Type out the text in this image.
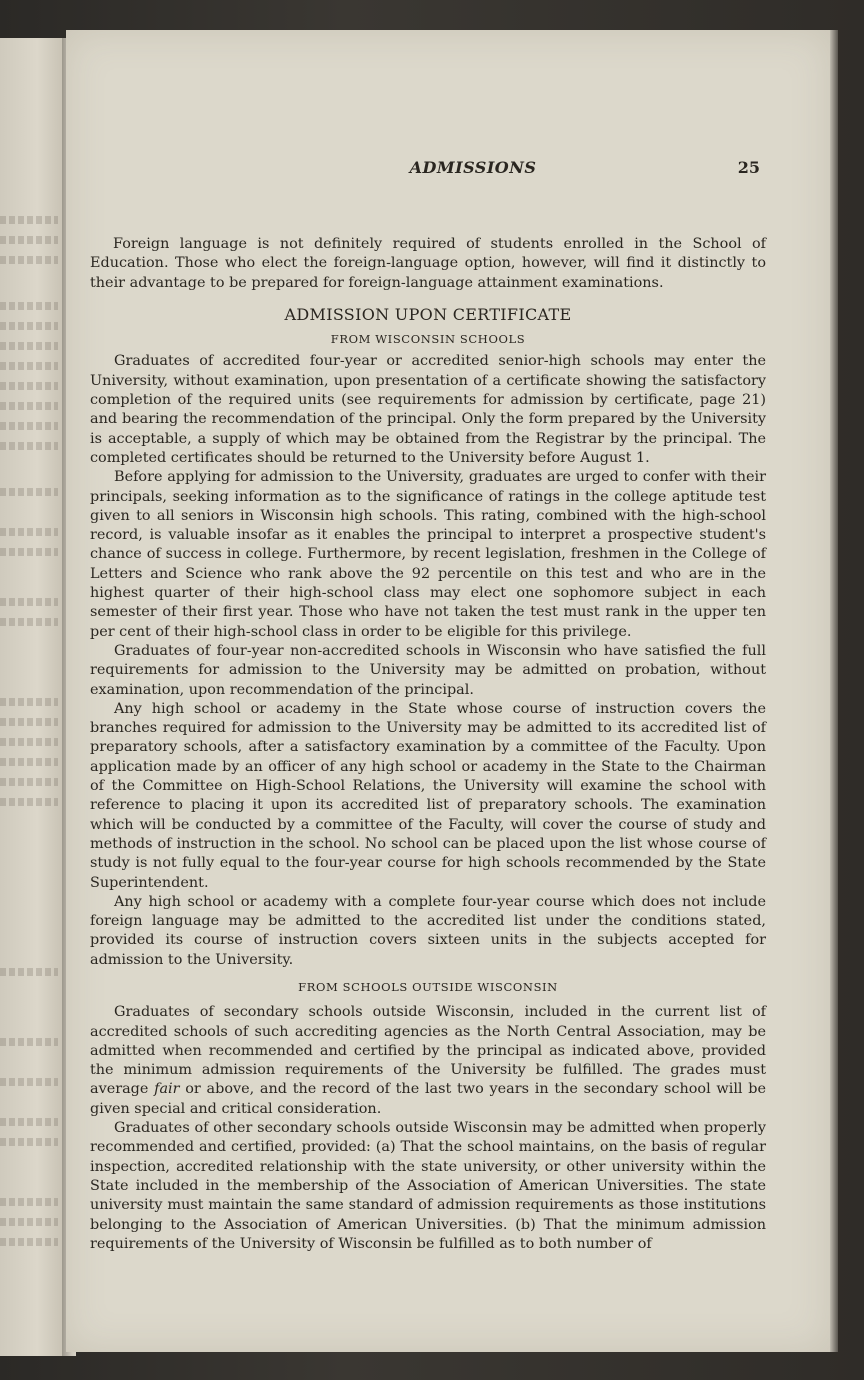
ADMISSIONS	25

Foreign language is not definitely required of students enrolled in the School of Education. Those who elect the foreign-language option, however, will find it distinctly to their advantage to be prepared for foreign-language attainment examinations.

ADMISSION UPON CERTIFICATE
FROM WISCONSIN SCHOOLS

Graduates of accredited four-year or accredited senior-high schools may enter the University, without examination, upon presentation of a certificate showing the satisfactory completion of the required units (see requirements for admission by certificate, page 21) and bearing the recommendation of the principal. Only the form prepared by the University is acceptable, a supply of which may be obtained from the Registrar by the principal. The completed certificates should be returned to the University before August 1.

Before applying for admission to the University, graduates are urged to confer with their principals, seeking information as to the significance of ratings in the college aptitude test given to all seniors in Wisconsin high schools. This rating, combined with the high-school record, is valuable insofar as it enables the principal to interpret a prospective student's chance of success in college. Furthermore, by recent legislation, freshmen in the College of Letters and Science who rank above the 92 percentile on this test and who are in the highest quarter of their high-school class may elect one sophomore subject in each semester of their first year. Those who have not taken the test must rank in the upper ten per cent of their high-school class in order to be eligible for this privilege.

Graduates of four-year non-accredited schools in Wisconsin who have satisfied the full requirements for admission to the University may be admitted on probation, without examination, upon recommendation of the principal.

Any high school or academy in the State whose course of instruction covers the branches required for admission to the University may be admitted to its accredited list of preparatory schools, after a satisfactory examination by a committee of the Faculty. Upon application made by an officer of any high school or academy in the State to the Chairman of the Committee on High-School Relations, the University will examine the school with reference to placing it upon its accredited list of preparatory schools. The examination which will be conducted by a committee of the Faculty, will cover the course of study and methods of instruction in the school. No school can be placed upon the list whose course of study is not fully equal to the four-year course for high schools recommended by the State Superintendent.

Any high school or academy with a complete four-year course which does not include foreign language may be admitted to the accredited list under the conditions stated, provided its course of instruction covers sixteen units in the subjects accepted for admission to the University.

FROM SCHOOLS OUTSIDE WISCONSIN

Graduates of secondary schools outside Wisconsin, included in the current list of accredited schools of such accrediting agencies as the North Central Association, may be admitted when recommended and certified by the principal as indicated above, provided the minimum admission requirements of the University be fulfilled. The grades must average fair or above, and the record of the last two years in the secondary school will be given special and critical consideration.

Graduates of other secondary schools outside Wisconsin may be admitted when properly recommended and certified, provided: (a) That the school maintains, on the basis of regular inspection, accredited relationship with the state university, or other university within the State included in the membership of the Association of American Universities. The state university must maintain the same standard of admission requirements as those institutions belonging to the Association of American Universities. (b) That the minimum admission requirements of the University of Wisconsin be fulfilled as to both number of
